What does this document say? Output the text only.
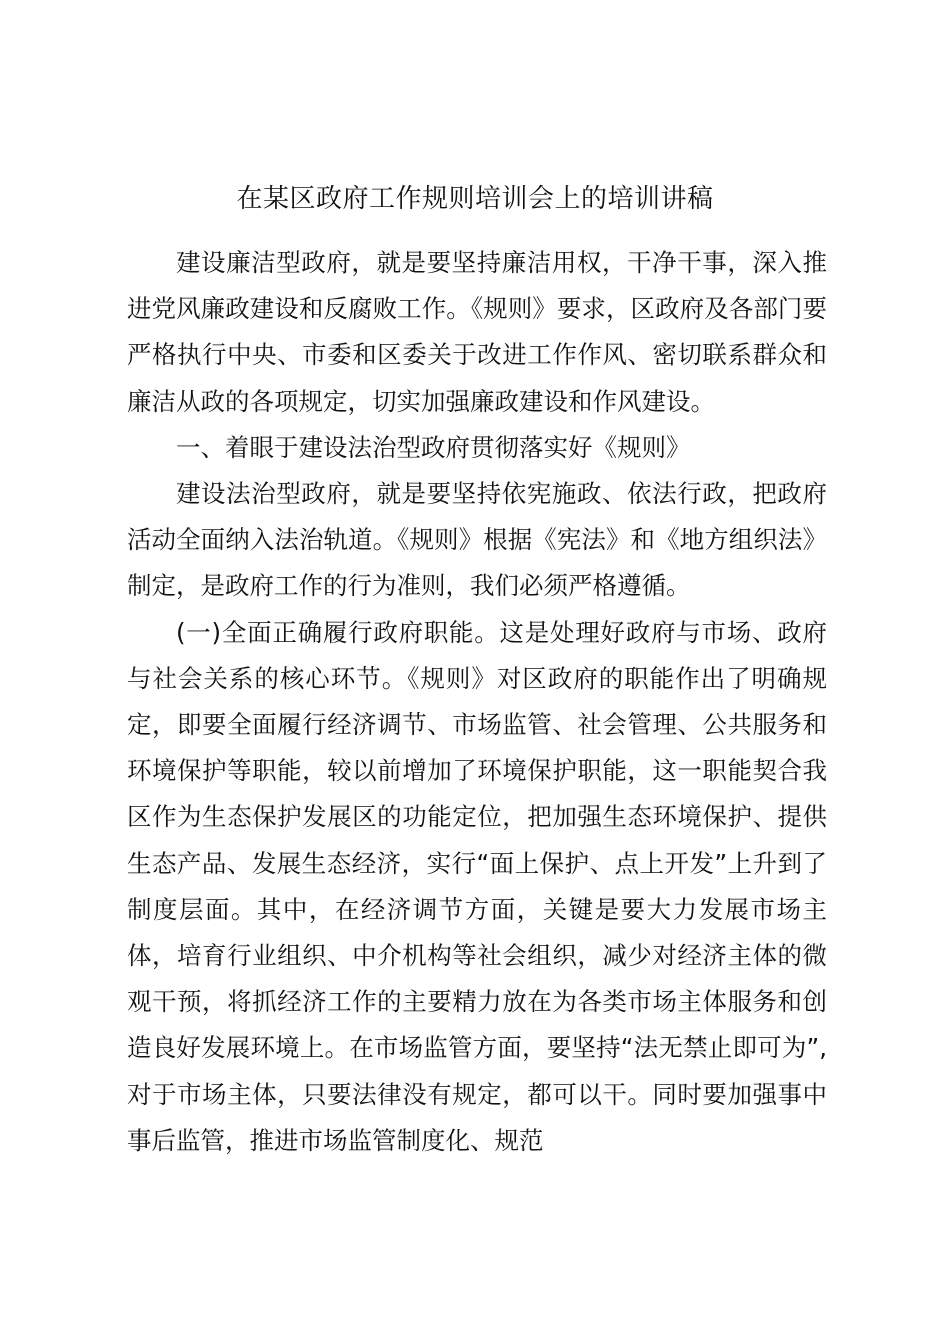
在某区政府工作规则培训会上的培训讲稿

建设廉洁型政府，就是要坚持廉洁用权，干净干事，深入推进党风廉政建设和反腐败工作。《规则》要求，区政府及各部门要严格执行中央、市委和区委关于改进工作作风、密切联系群众和廉洁从政的各项规定，切实加强廉政建设和作风建设。

一、着眼于建设法治型政府贯彻落实好《规则》

建设法治型政府，就是要坚持依宪施政、依法行政，把政府活动全面纳入法治轨道。《规则》根据《宪法》和《地方组织法》制定，是政府工作的行为准则，我们必须严格遵循。

(一)全面正确履行政府职能。这是处理好政府与市场、政府与社会关系的核心环节。《规则》对区政府的职能作出了明确规定，即要全面履行经济调节、市场监管、社会管理、公共服务和环境保护等职能，较以前增加了环境保护职能，这一职能契合我区作为生态保护发展区的功能定位，把加强生态环境保护、提供生态产品、发展生态经济，实行“面上保护、点上开发”上升到了制度层面。其中，在经济调节方面，关键是要大力发展市场主体，培育行业组织、中介机构等社会组织，减少对经济主体的微观干预，将抓经济工作的主要精力放在为各类市场主体服务和创造良好发展环境上。在市场监管方面，要坚持“法无禁止即可为”,对于市场主体，只要法律没有规定，都可以干。同时要加强事中事后监管，推进市场监管制度化、规范
